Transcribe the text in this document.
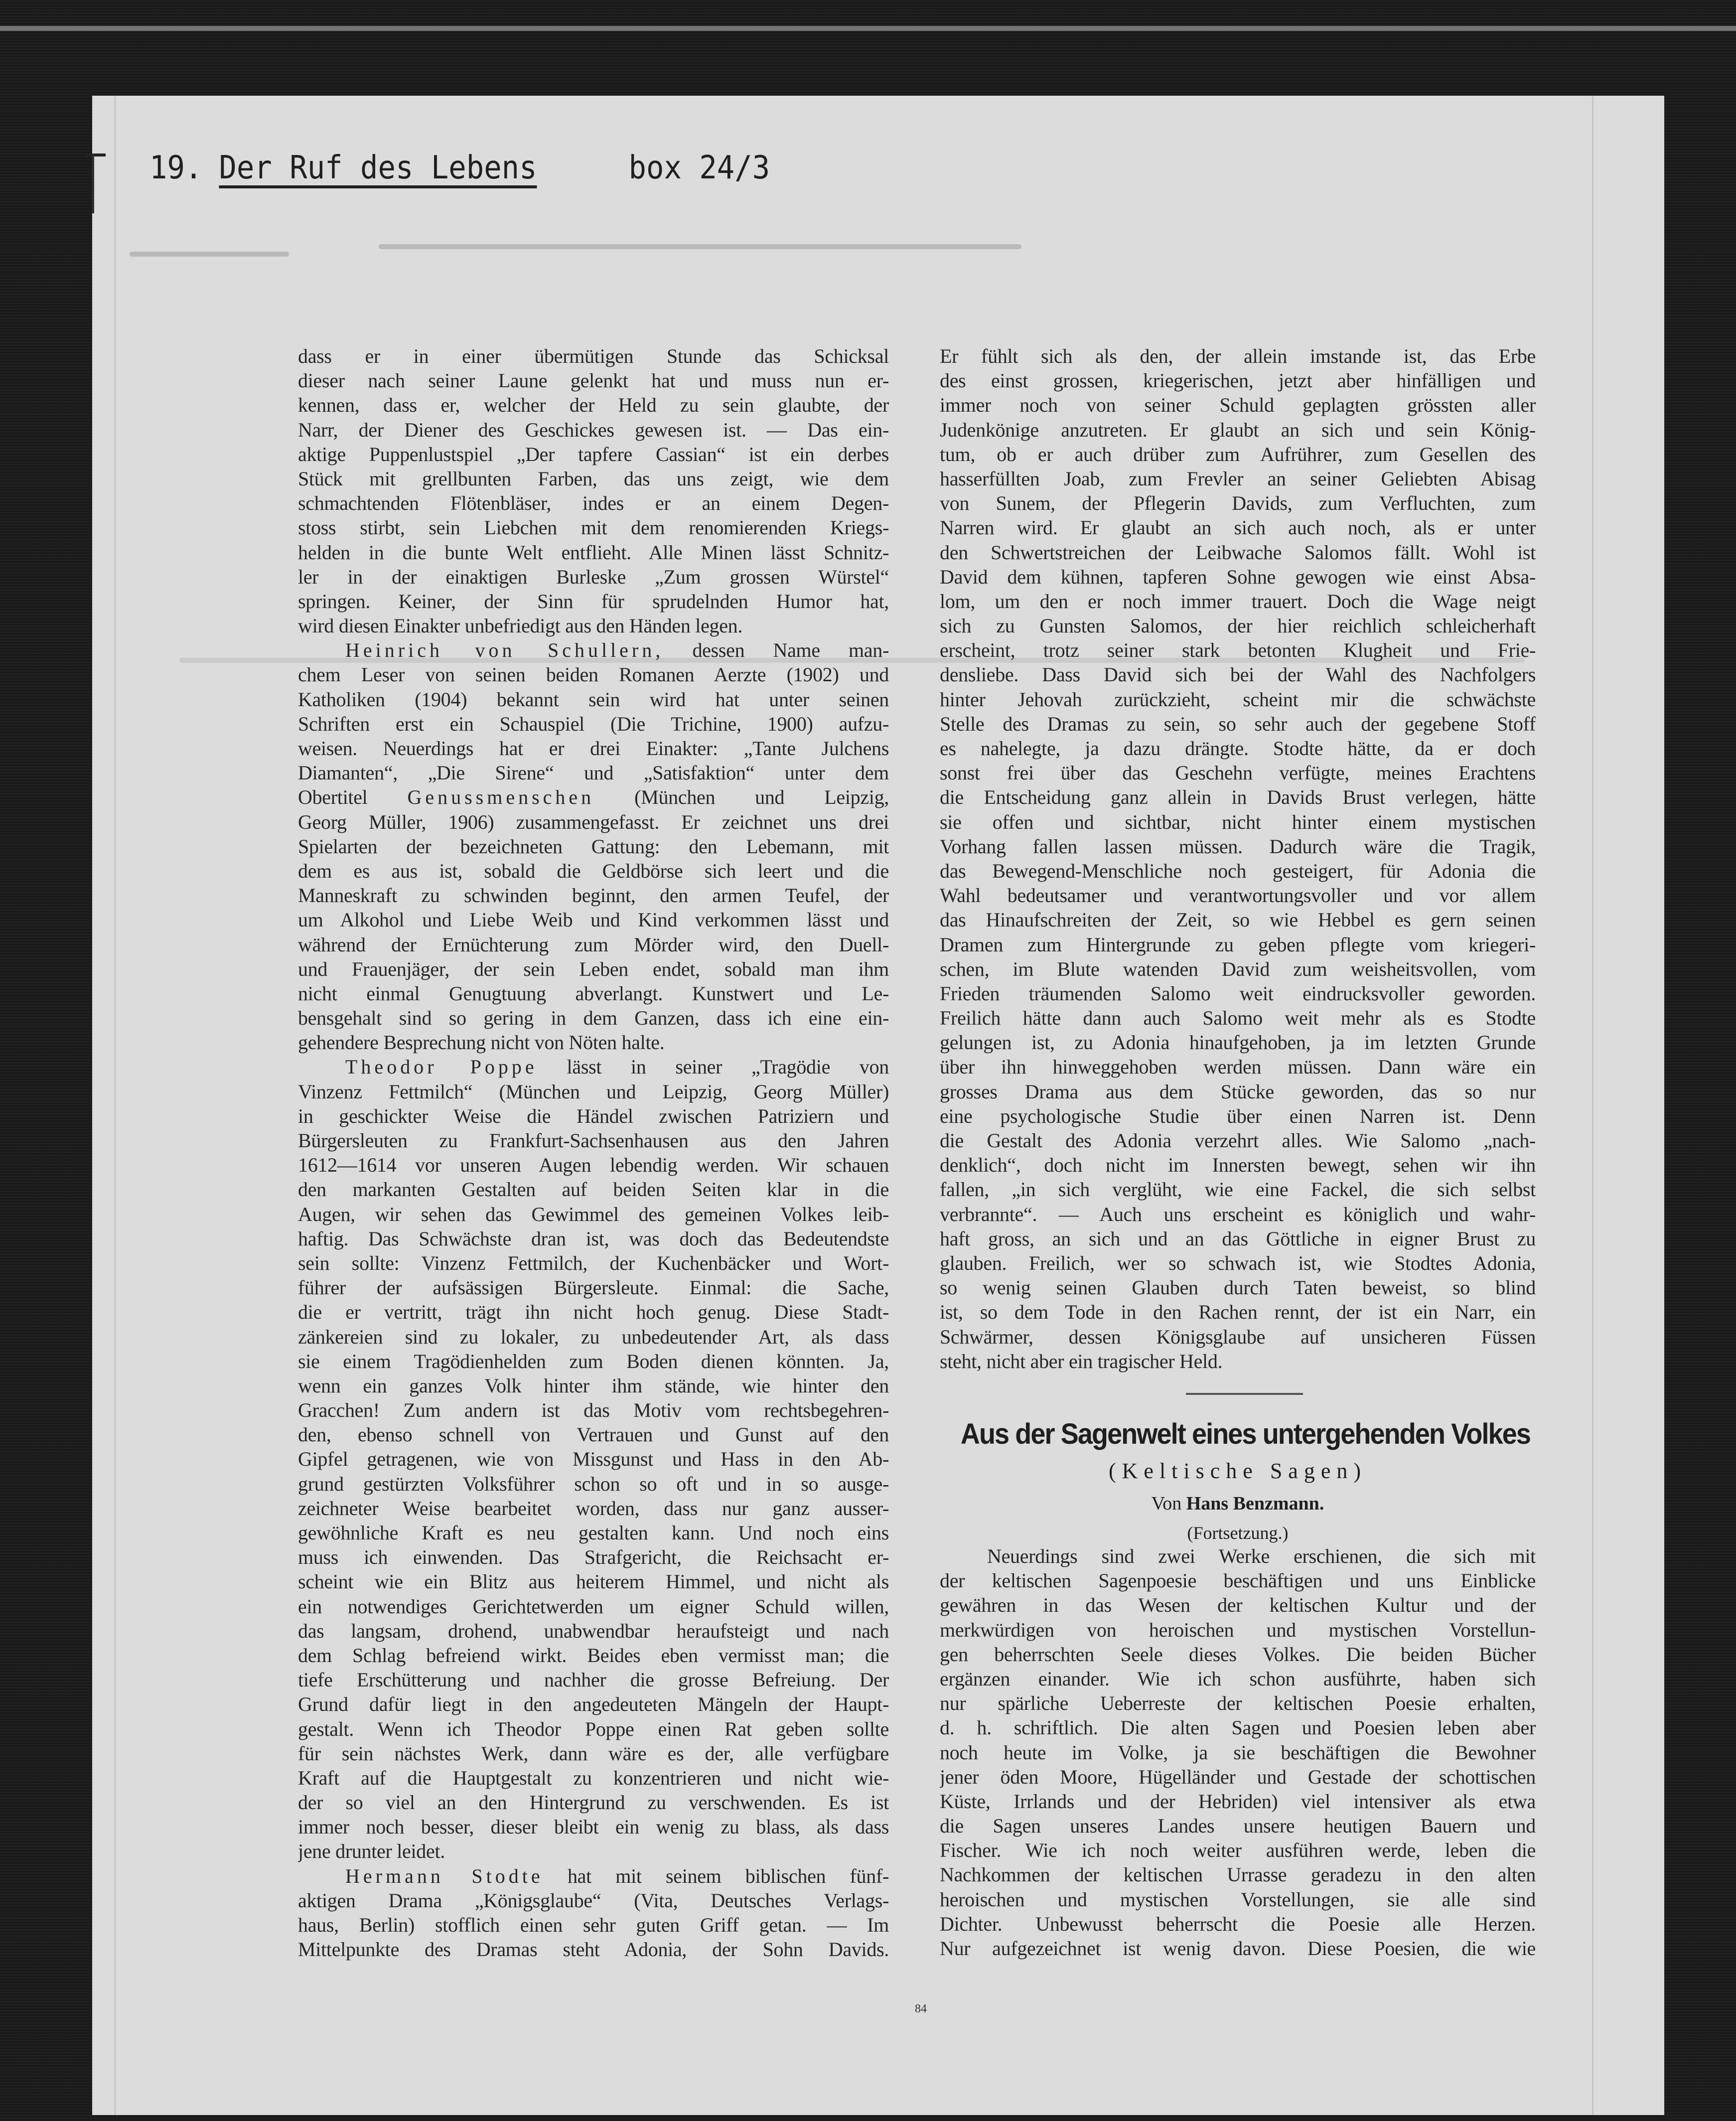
19. Der Ruf des Lebens	box 24/3
dass er in einer übermütigen Stunde das Schicksal
dieser nach seiner Laune gelenkt hat und muss nun er-
kennen, dass er, welcher der Held zu sein glaubte, der
Narr, der Diener des Geschickes gewesen ist. — Das ein-
aktige Puppenlustspiel „Der tapfere Cassian“ ist ein derbes
Stück mit grellbunten Farben, das uns zeigt, wie dem
schmachtenden Flötenbläser, indes er an einem Degen-
stoss stirbt, sein Liebchen mit dem renomierenden Kriegs-
helden in die bunte Welt entflieht. Alle Minen lässt Schnitz-
ler in der einaktigen Burleske „Zum grossen Würstel“
springen. Keiner, der Sinn für sprudelnden Humor hat,
wird diesen Einakter unbefriedigt aus den Händen legen.
Heinrich von Schullern, dessen Name man-
chem Leser von seinen beiden Romanen Aerzte (1902) und
Katholiken (1904) bekannt sein wird hat unter seinen
Schriften erst ein Schauspiel (Die Trichine, 1900) aufzu-
weisen. Neuerdings hat er drei Einakter: „Tante Julchens
Diamanten“, „Die Sirene“ und „Satisfaktion“ unter dem
Obertitel Genussmenschen (München und Leipzig,
Georg Müller, 1906) zusammengefasst. Er zeichnet uns drei
Spielarten der bezeichneten Gattung: den Lebemann, mit
dem es aus ist, sobald die Geldbörse sich leert und die
Manneskraft zu schwinden beginnt, den armen Teufel, der
um Alkohol und Liebe Weib und Kind verkommen lässt und
während der Ernüchterung zum Mörder wird, den Duell-
und Frauenjäger, der sein Leben endet, sobald man ihm
nicht einmal Genugtuung abverlangt. Kunstwert und Le-
bensgehalt sind so gering in dem Ganzen, dass ich eine ein-
gehendere Besprechung nicht von Nöten halte.
Theodor Poppe lässt in seiner „Tragödie von
Vinzenz Fettmilch“ (München und Leipzig, Georg Müller)
in geschickter Weise die Händel zwischen Patriziern und
Bürgersleuten zu Frankfurt-Sachsenhausen aus den Jahren
1612—1614 vor unseren Augen lebendig werden. Wir schauen
den markanten Gestalten auf beiden Seiten klar in die
Augen, wir sehen das Gewimmel des gemeinen Volkes leib-
haftig. Das Schwächste dran ist, was doch das Bedeutendste
sein sollte: Vinzenz Fettmilch, der Kuchenbäcker und Wort-
führer der aufsässigen Bürgersleute. Einmal: die Sache,
die er vertritt, trägt ihn nicht hoch genug. Diese Stadt-
zänkereien sind zu lokaler, zu unbedeutender Art, als dass
sie einem Tragödienhelden zum Boden dienen könnten. Ja,
wenn ein ganzes Volk hinter ihm stände, wie hinter den
Gracchen! Zum andern ist das Motiv vom rechtsbegehren-
den, ebenso schnell von Vertrauen und Gunst auf den
Gipfel getragenen, wie von Missgunst und Hass in den Ab-
grund gestürzten Volksführer schon so oft und in so ausge-
zeichneter Weise bearbeitet worden, dass nur ganz ausser-
gewöhnliche Kraft es neu gestalten kann. Und noch eins
muss ich einwenden. Das Strafgericht, die Reichsacht er-
scheint wie ein Blitz aus heiterem Himmel, und nicht als
ein notwendiges Gerichtetwerden um eigner Schuld willen,
das langsam, drohend, unabwendbar heraufsteigt und nach
dem Schlag befreiend wirkt. Beides eben vermisst man; die
tiefe Erschütterung und nachher die grosse Befreiung. Der
Grund dafür liegt in den angedeuteten Mängeln der Haupt-
gestalt. Wenn ich Theodor Poppe einen Rat geben sollte
für sein nächstes Werk, dann wäre es der, alle verfügbare
Kraft auf die Hauptgestalt zu konzentrieren und nicht wie-
der so viel an den Hintergrund zu verschwenden. Es ist
immer noch besser, dieser bleibt ein wenig zu blass, als dass
jene drunter leidet.
Hermann Stodte hat mit seinem biblischen fünf-
aktigen Drama „Königsglaube“ (Vita, Deutsches Verlags-
haus, Berlin) stofflich einen sehr guten Griff getan. — Im
Mittelpunkte des Dramas steht Adonia, der Sohn Davids.
Er fühlt sich als den, der allein imstande ist, das Erbe
des einst grossen, kriegerischen, jetzt aber hinfälligen und
immer noch von seiner Schuld geplagten grössten aller
Judenkönige anzutreten. Er glaubt an sich und sein König-
tum, ob er auch drüber zum Aufrührer, zum Gesellen des
hasserfüllten Joab, zum Frevler an seiner Geliebten Abisag
von Sunem, der Pflegerin Davids, zum Verfluchten, zum
Narren wird. Er glaubt an sich auch noch, als er unter
den Schwertstreichen der Leibwache Salomos fällt. Wohl ist
David dem kühnen, tapferen Sohne gewogen wie einst Absa-
lom, um den er noch immer trauert. Doch die Wage neigt
sich zu Gunsten Salomos, der hier reichlich schleicherhaft
erscheint, trotz seiner stark betonten Klugheit und Frie-
densliebe. Dass David sich bei der Wahl des Nachfolgers
hinter Jehovah zurückzieht, scheint mir die schwächste
Stelle des Dramas zu sein, so sehr auch der gegebene Stoff
es nahelegte, ja dazu drängte. Stodte hätte, da er doch
sonst frei über das Geschehn verfügte, meines Erachtens
die Entscheidung ganz allein in Davids Brust verlegen, hätte
sie offen und sichtbar, nicht hinter einem mystischen
Vorhang fallen lassen müssen. Dadurch wäre die Tragik,
das Bewegend-Menschliche noch gesteigert, für Adonia die
Wahl bedeutsamer und verantwortungsvoller und vor allem
das Hinaufschreiten der Zeit, so wie Hebbel es gern seinen
Dramen zum Hintergrunde zu geben pflegte vom kriegeri-
schen, im Blute watenden David zum weisheitsvollen, vom
Frieden träumenden Salomo weit eindrucksvoller geworden.
Freilich hätte dann auch Salomo weit mehr als es Stodte
gelungen ist, zu Adonia hinaufgehoben, ja im letzten Grunde
über ihn hinweggehoben werden müssen. Dann wäre ein
grosses Drama aus dem Stücke geworden, das so nur
eine psychologische Studie über einen Narren ist. Denn
die Gestalt des Adonia verzehrt alles. Wie Salomo „nach-
denklich“, doch nicht im Innersten bewegt, sehen wir ihn
fallen, „in sich verglüht, wie eine Fackel, die sich selbst
verbrannte“. — Auch uns erscheint es königlich und wahr-
haft gross, an sich und an das Göttliche in eigner Brust zu
glauben. Freilich, wer so schwach ist, wie Stodtes Adonia,
so wenig seinen Glauben durch Taten beweist, so blind
ist, so dem Tode in den Rachen rennt, der ist ein Narr, ein
Schwärmer, dessen Königsglaube auf unsicheren Füssen
steht, nicht aber ein tragischer Held.
Aus der Sagenwelt eines untergehenden Volkes
(Keltische Sagen)
Von Hans Benzmann.
(Fortsetzung.)
Neuerdings sind zwei Werke erschienen, die sich mit
der keltischen Sagenpoesie beschäftigen und uns Einblicke
gewähren in das Wesen der keltischen Kultur und der
merkwürdigen von heroischen und mystischen Vorstellun-
gen beherrschten Seele dieses Volkes. Die beiden Bücher
ergänzen einander. Wie ich schon ausführte, haben sich
nur spärliche Ueberreste der keltischen Poesie erhalten,
d. h. schriftlich. Die alten Sagen und Poesien leben aber
noch heute im Volke, ja sie beschäftigen die Bewohner
jener öden Moore, Hügelländer und Gestade der schottischen
Küste, Irrlands und der Hebriden) viel intensiver als etwa
die Sagen unseres Landes unsere heutigen Bauern und
Fischer. Wie ich noch weiter ausführen werde, leben die
Nachkommen der keltischen Urrasse geradezu in den alten
heroischen und mystischen Vorstellungen, sie alle sind
Dichter. Unbewusst beherrscht die Poesie alle Herzen.
Nur aufgezeichnet ist wenig davon. Diese Poesien, die wie
84
